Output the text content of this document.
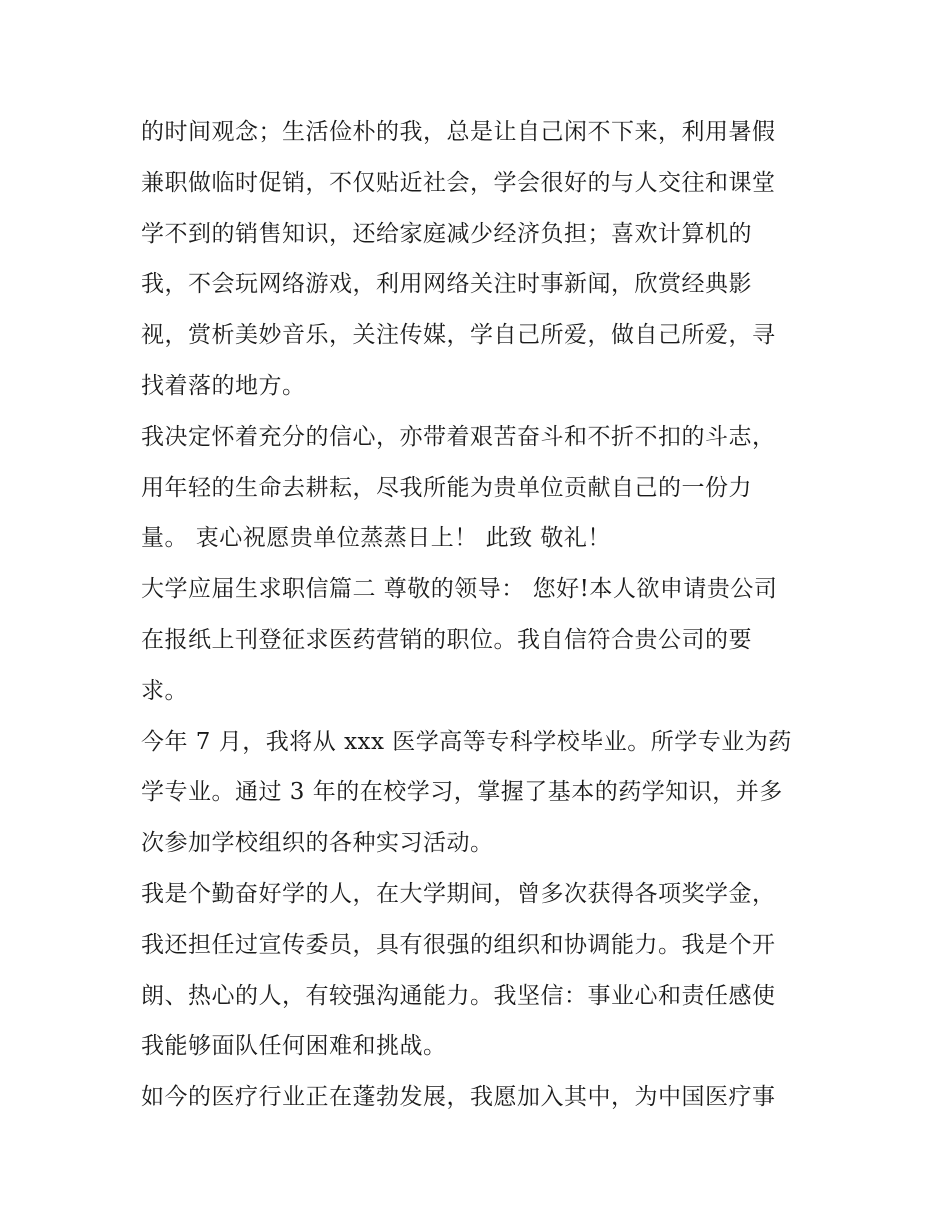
的时间观念；生活俭朴的我，总是让自己闲不下来，利用暑假
兼职做临时促销，不仅贴近社会，学会很好的与人交往和课堂
学不到的销售知识，还给家庭减少经济负担；喜欢计算机的
我，不会玩网络游戏，利用网络关注时事新闻，欣赏经典影
视，赏析美妙音乐，关注传媒，学自己所爱，做自己所爱，寻
找着落的地方。
我决定怀着充分的信心，亦带着艰苦奋斗和不折不扣的斗志，
用年轻的生命去耕耘，尽我所能为贵单位贡献自己的一份力
量。 衷心祝愿贵单位蒸蒸日上！ 此致 敬礼！
大学应届生求职信篇二 尊敬的领导： 您好!本人欲申请贵公司
在报纸上刊登征求医药营销的职位。我自信符合贵公司的要
求。
今年 7 月，我将从 xxx 医学高等专科学校毕业。所学专业为药
学专业。通过 3 年的在校学习，掌握了基本的药学知识，并多
次参加学校组织的各种实习活动。
我是个勤奋好学的人，在大学期间，曾多次获得各项奖学金，
我还担任过宣传委员，具有很强的组织和协调能力。我是个开
朗、热心的人，有较强沟通能力。我坚信：事业心和责任感使
我能够面队任何困难和挑战。
如今的医疗行业正在蓬勃发展，我愿加入其中，为中国医疗事
